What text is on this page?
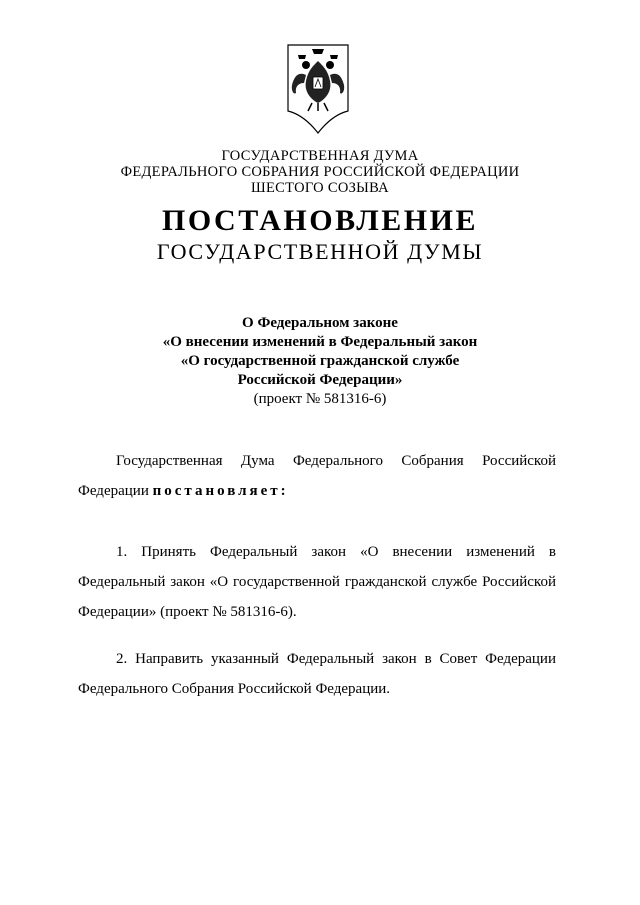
ГОСУДАРСТВЕННАЯ ДУМА
ФЕДЕРАЛЬНОГО СОБРАНИЯ РОССИЙСКОЙ ФЕДЕРАЦИИ
ШЕСТОГО СОЗЫВА
ПОСТАНОВЛЕНИЕ
ГОСУДАРСТВЕННОЙ ДУМЫ
О Федеральном законе
«О внесении изменений в Федеральный закон
«О государственной гражданской службе
Российской Федерации»
(проект № 581316-6)
Государственная Дума Федерального Собрания Российской
Федерации постановляет:
1. Принять Федеральный закон «О внесении изменений в
Федеральный закон «О государственной гражданской службе Российской
Федерации» (проект № 581316-6).
2. Направить указанный Федеральный закон в Совет Федерации
Федерального Собрания Российской Федерации.
